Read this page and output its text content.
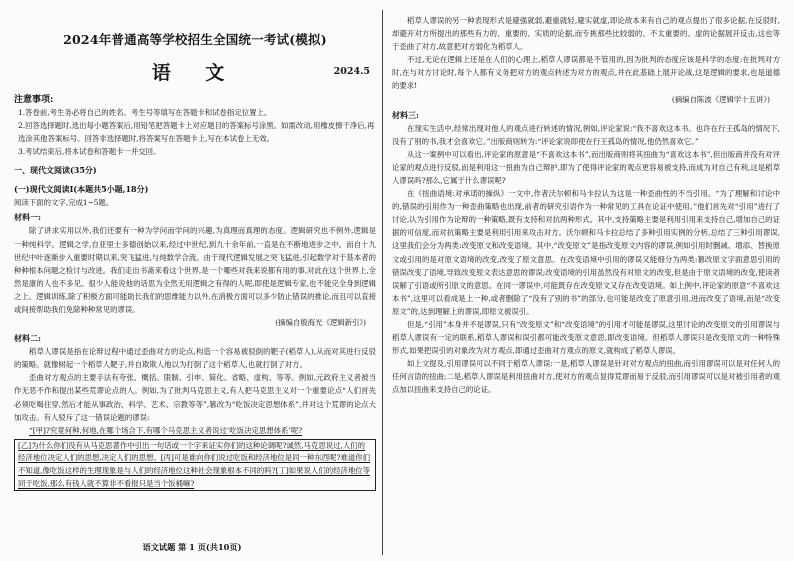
2024年普通高等学校招生全国统一考试(模拟)
语 文	2024.5
注意事项:

1.答卷前,考生务必将自己的姓名、考生号等填写在答题卡和试卷指定位置上。

2.回答选择题时,选出每小题答案后,用铅笔把答题卡上对应题目的答案标号涂黑。如需改动,用橡皮擦干净后,再选涂其他答案标号。回答非选择题时,将答案写在答题卡上,写在本试卷上无效。

3.考试结束后,将本试卷和答题卡一并交回。

一、现代文阅读(35分)
(一)现代文阅读Ⅰ(本题共5小题,18分)

阅读下面的文字,完成1~5题。

材料一:

除了讲求实用以外,我们还要有一种为学问而学问的兴趣,为真理而真理的态度。逻辑研究也不例外,逻辑是一种纯科学。逻辑之学,自亚里士多德创始以来,经过中世纪,到九十余年前,一直是在不断地进步之中。而自十九世纪中叶逐渐步入重要时期以来,突飞猛进,与纯数学合流。由于现代逻辑发展之突飞猛进,引起数学对于基本者的种种根本问题之检讨与改进。我们走出书斋来看这个世界,是一个哪些对我来说都有用的事,对此在这个世界上,全然是康的人也不多见。很少人能说他的话思为全然无用逻辑之有得的人呢,即使是逻辑专家,也不能完全身到逻辑之上。逻辑训练,除了积极方面可能助长我们的思维能力以外,在消极方面可以多少防止错误的推论,而且可以直接或间接帮助我们免除种种常见的谬误。

(摘编自殷海光《逻辑新引》)

材料二:

稻草人谬误是指在论辩过程中通过歪曲对方的论点,构造一个容易被驳倒的靶子(稻草人),从而对其进行反驳的策略。就像树起一个稻草人靶子,并自欺欺人地以为打倒了这个稻草人,也就打倒了对方。

歪曲对方观点的主要手法有夸张、概括、限制、引申、简化、省略、虚构、等等。例如,元政府主义者被当作无恶不作和提出某些荒谬论点的人。例如,为了批判马克思主义,有人把马克思主义对一个重要论点“人们首先必须吃喝住穿,然后才能从事政治、科学、艺术、宗教等等”,篡改为“吃饭决定思想体系”,并对这个荒谬的论点大加攻击。有人驳斥了这一错误论题的谬误:

“[甲]?究竟何种,何地,在哪个场合下,有哪个马克思主义者说过‘吃饭决定思想体系’呢?

[乙]为什么你们没有从马克思著作中引出一句话或一个字来证实你们的这种论调呢?诚然,马克思说过,人们的经济地位决定人们的思想,决定人们的思想。[丙]可是谁向你们说过吃饭和经济地位是同一种东西呢?难道你们不知道,像吃饭这样的生理现象是与人们的经济地位这种社会现象根本不同的吗?[丁]如果说人们的经济地位等同于吃饭,那么有钱人就不算非不看报只是当个饭桶嘛?
语文试题 第 1 页(共10页)

稻草人谬误的另一种表现形式是避强就弱,避重就轻,避实就虚,即论敌本来有自己的观点提出了很多论据,在反驳时,却避开对方所提出的那些有力的、重要的、实质的论据,而专挑那些比较弱的、不太重要的、虚的论据展开反击,这也等于歪曲了对方,故意把对方弱化为稻草人。

不过,无论在逻辑上还是在人们的心理上,稻草人谬误都是不管用的,因为批判的态度应该是科学的态度:在批判对方时,在与对方讨论时,每个人都有义务把对方的观点转述为对方的观点,并在此基础上展开论战,这是逻辑的要求,也是道德的要求!

(摘编自陈波《逻辑学十五讲》)

材料三:

在现实生活中,经常出现对他人的观点进行转述的情况,例如,评论家说:“我不喜欢这本书。也许在行王孤岛的情况下,没有了别的书,我才会喜欢它。”出版商则转为:“评论家说即使在行王孤岛的情况,他仍然喜欢它。”

从这一案例中可以看出,评论家的原意是“不喜欢这本书”,而出版商则将其扭曲为“喜欢这本书”,但出版商并没有对评论家的观点进行反驳,而是利用这一扭曲为自己辩护,即为了使得评论家的观点更容易被支持,而成为对自己有利,这是稻草人谬误吗?那么,它属于什么谬误呢?

在《扭曲语境:对承诺的操纵》一文中,作者沃尔顿和马卡拉认为这是一种歪曲性的不当引用。“为了理解和讨论中的,错误的引用作为一种歪曲策略也出现,前者的研究引语作为一种常见的工具在论证中使用。”他们首先对“引用”进行了讨论,认为引用作为论辩的一种策略,既有支持和对抗两种形式。其中,支持策略主要是利用引用来支持自己,增加自己的证据的可信度,而对抗策略主要是利用引用来攻击对方。沃尔顿和马卡拉总结了多种引用实例的分析,总结了三种引用谬误,这里我们会分为两类:改变原文和改变语境。其中,“改变原文”是指改变原文内容的谬误,例如引用时删减、增添、替换原文或引用的是对原文语境的改变,改变了原文意思。在改变语境中引用的谬误又能细分为两类:篡改原文字面意思引用的错误改变了语境,导致改变原文表达意思的谬误;改变语境的引用虽然没有对原文的改变,但是由于原文语境的改变,使读者误解了引语或所引原文的意思。在同一谬误中,可能既存在改变原文又存在改变语境。如上例中,评论家的原意“不喜欢这本书”,这里可以看成是上一种,或者删除了“没有了别的书”的部分,也可能是改变了原意引用,进而改变了语境,而是“改变原文”的,达到理解上的谬误,即原文被误引。

但是,“引用”本身并不是谬误,只有“改变原文”和“改变语境”的引用才可能是谬误,这里讨论的改变原文的引用谬误与稻草人谬误有一定的联系,稻草人谬误和误引都可能改变原文意思,即改变语境。但稻草人谬误只是改变原文的一种特殊形式,如果把误引的对象改为对方观点,即通过歪曲对方观点的原文,就构成了稻草人谬误。

如上文提及,引用谬误可以不同于稻草人谬误:一是,稻草人谬误是针对对方观点的扭曲,而引用谬误可以是对任何人的任何言语的扭曲;二是,稻草人谬误是利用扭曲对方,使对方的观点显得荒谬而易于反驳,而引用谬误可以是对被引用者的观点加以扭曲来支持自己的论证。
